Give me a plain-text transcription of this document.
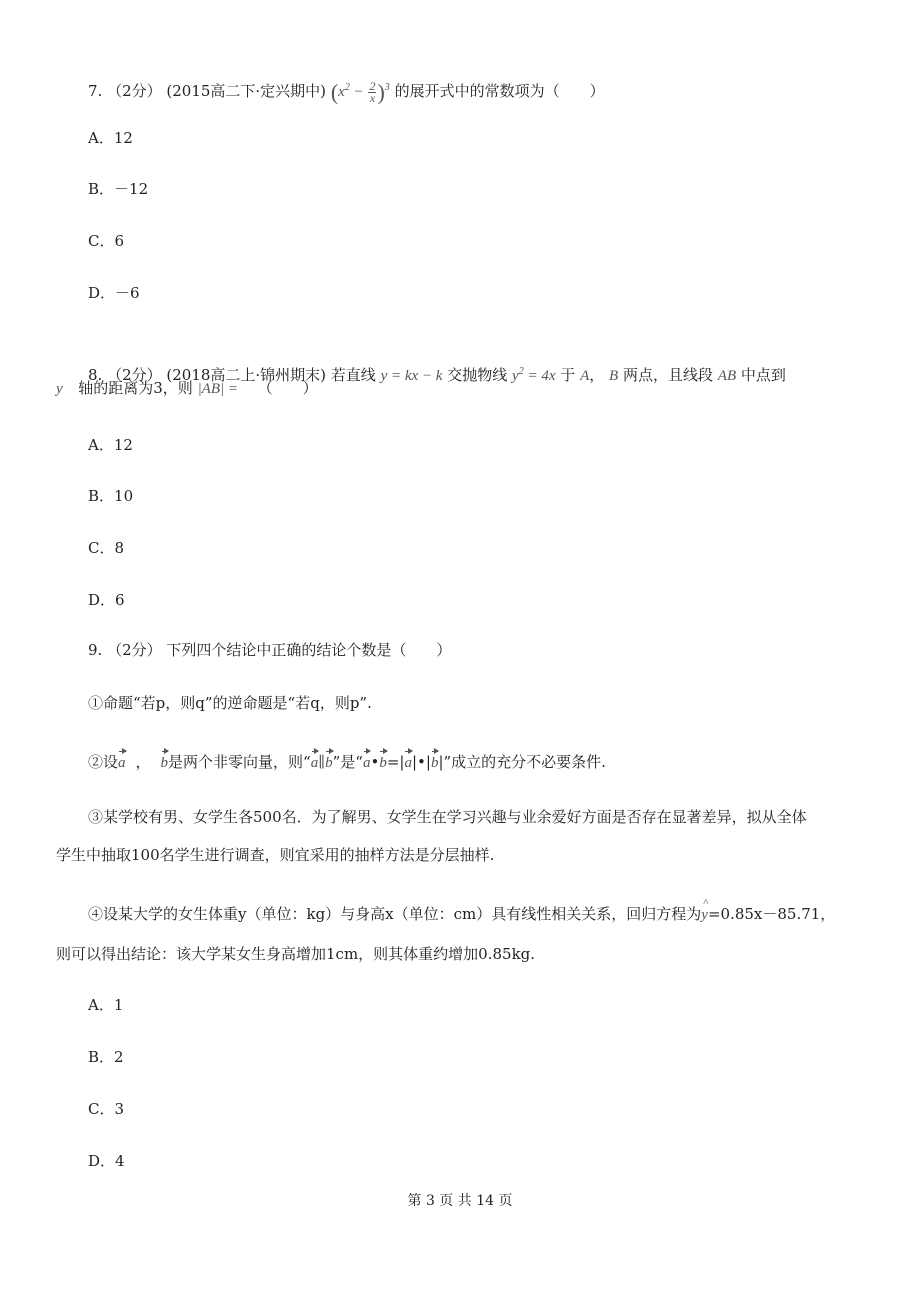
7. （2分） (2015高二下·定兴期中) $(x^2 - \frac{2}{x} )^3$ 的展开式中的常数项为（　　）
A．12
B．－12
C．6
D．－6
8. （2分） (2018高二上·锦州期末) 若直线 y = kx − k 交抛物线 $y^2 = 4x$ 于 A， B 两点，且线段 AB 中点到
y 轴的距离为3，则 |AB| = （　　）
A．12
B．10
C．8
D．6
9. （2分） 下列四个结论中正确的结论个数是（　　）
①命题“若p，则q”的逆命题是“若q，则p”.
②设a ， b是两个非零向量，则“a∥b”是“a•b=|a|•|b|”成立的充分不必要条件.
③某学校有男、女学生各500名．为了解男、女学生在学习兴趣与业余爱好方面是否存在显著差异，拟从全体
学生中抽取100名学生进行调查，则宜采用的抽样方法是分层抽样.
④设某大学的女生体重y（单位：kg）与身高x（单位：cm）具有线性相关关系，回归方程为^ y=0.85x－85.71，
则可以得出结论：该大学某女生身高增加1cm，则其体重约增加0.85kg.
A．1
B．2
C．3
D．4
第 3 页 共 14 页
